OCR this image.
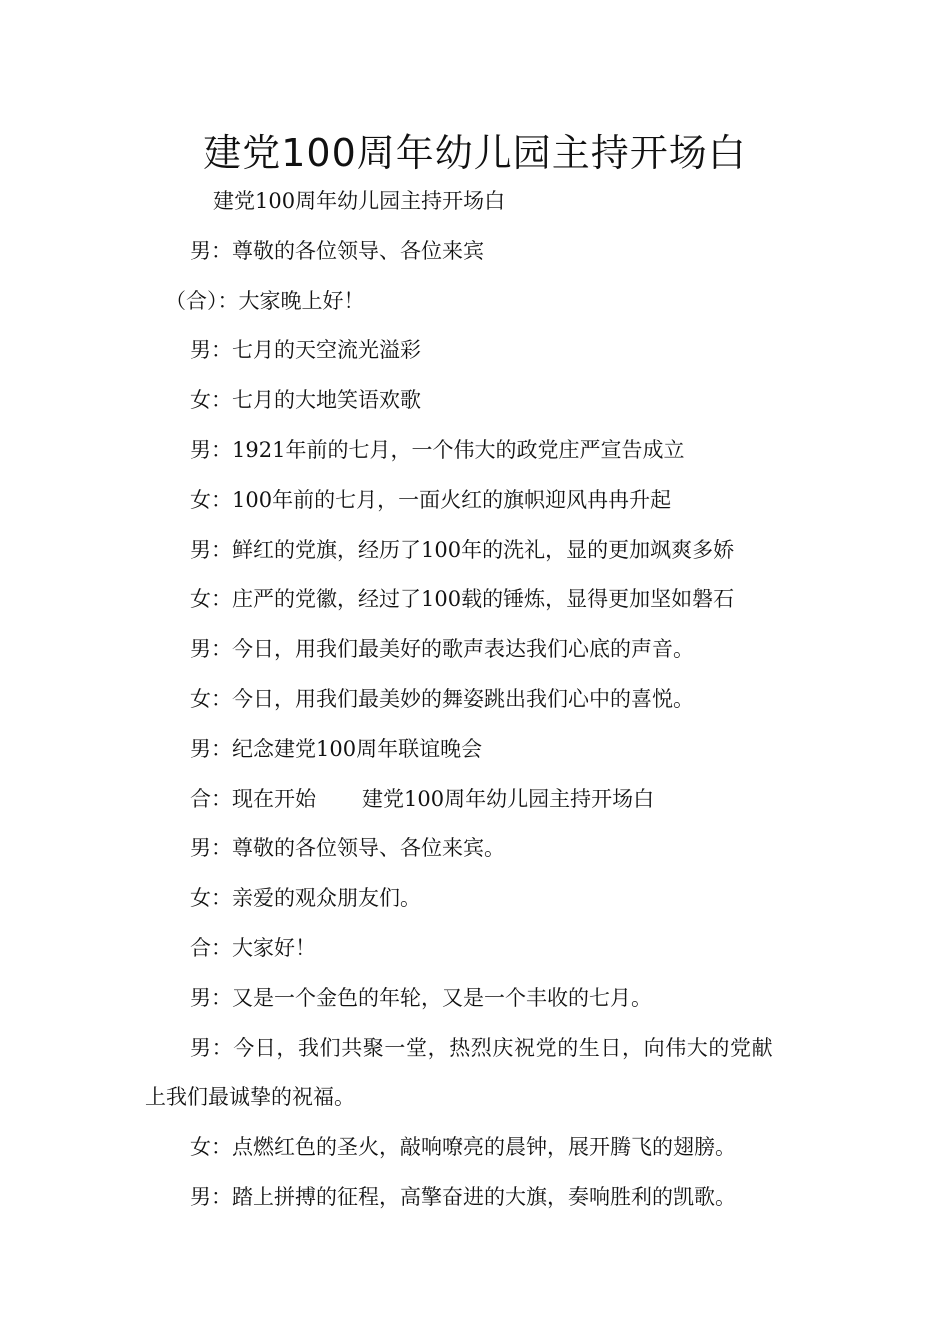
建党100周年幼儿园主持开场白

建党100周年幼儿园主持开场白

男：尊敬的各位领导、各位来宾

（合）：大家晚上好！

男：七月的天空流光溢彩

女：七月的大地笑语欢歌

男：1921年前的七月，一个伟大的政党庄严宣告成立

女：100年前的七月，一面火红的旗帜迎风冉冉升起

男：鲜红的党旗，经历了100年的洗礼，显的更加飒爽多娇

女：庄严的党徽，经过了100载的锤炼，显得更加坚如磐石

男：今日，用我们最美好的歌声表达我们心底的声音。

女：今日，用我们最美妙的舞姿跳出我们心中的喜悦。

男：纪念建党100周年联谊晚会

合：现在开始 建党100周年幼儿园主持开场白

男：尊敬的各位领导、各位来宾。

女：亲爱的观众朋友们。

合：大家好！

男：又是一个金色的年轮，又是一个丰收的七月。

男：今日，我们共聚一堂，热烈庆祝党的生日，向伟大的党献

上我们最诚挚的祝福。

女：点燃红色的圣火，敲响嘹亮的晨钟，展开腾飞的翅膀。

男：踏上拼搏的征程，高擎奋进的大旗，奏响胜利的凯歌。
